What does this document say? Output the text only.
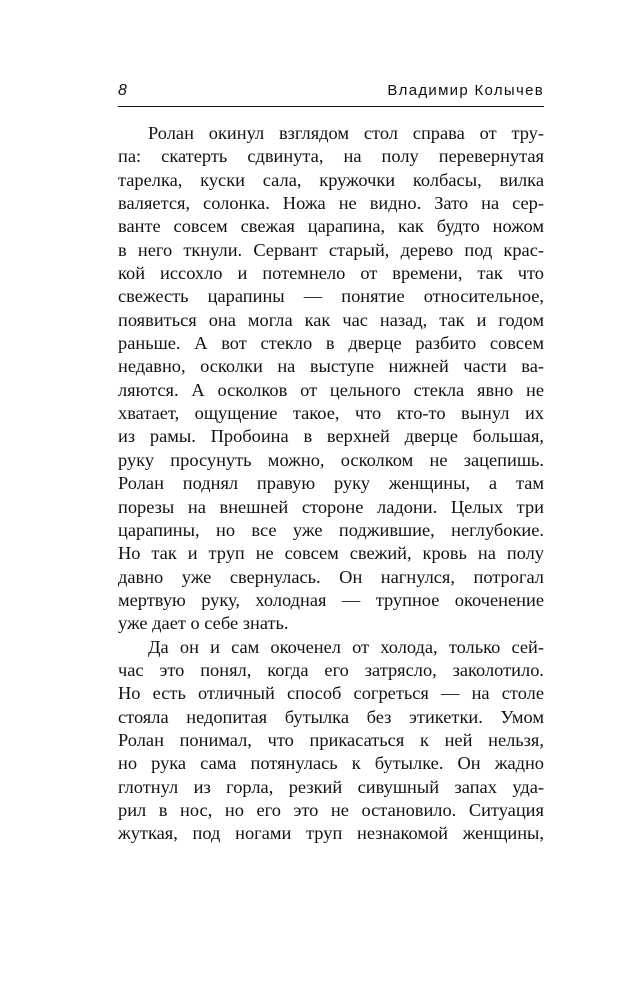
8	Владимир Колычев

Ролан окинул взглядом стол справа от тру-
па: скатерть сдвинута, на полу перевернутая
тарелка, куски сала, кружочки колбасы, вилка
валяется, солонка. Ножа не видно. Зато на сер-
ванте совсем свежая царапина, как будто ножом
в него ткнули. Сервант старый, дерево под крас-
кой иссохло и потемнело от времени, так что
свежесть царапины — понятие относительное,
появиться она могла как час назад, так и годом
раньше. А вот стекло в дверце разбито совсем
недавно, осколки на выступе нижней части ва-
ляются. А осколков от цельного стекла явно не
хватает, ощущение такое, что кто-то вынул их
из рамы. Пробоина в верхней дверце большая,
руку просунуть можно, осколком не зацепишь.
Ролан поднял правую руку женщины, а там
порезы на внешней стороне ладони. Целых три
царапины, но все уже поджившие, неглубокие.
Но так и труп не совсем свежий, кровь на полу
давно уже свернулась. Он нагнулся, потрогал
мертвую руку, холодная — трупное окоченение
уже дает о себе знать.

Да он и сам окоченел от холода, только сей-
час это понял, когда его затрясло, заколотило.
Но есть отличный способ согреться — на столе
стояла недопитая бутылка без этикетки. Умом
Ролан понимал, что прикасаться к ней нельзя,
но рука сама потянулась к бутылке. Он жадно
глотнул из горла, резкий сивушный запах уда-
рил в нос, но его это не остановило. Ситуация
жуткая, под ногами труп незнакомой женщины,
